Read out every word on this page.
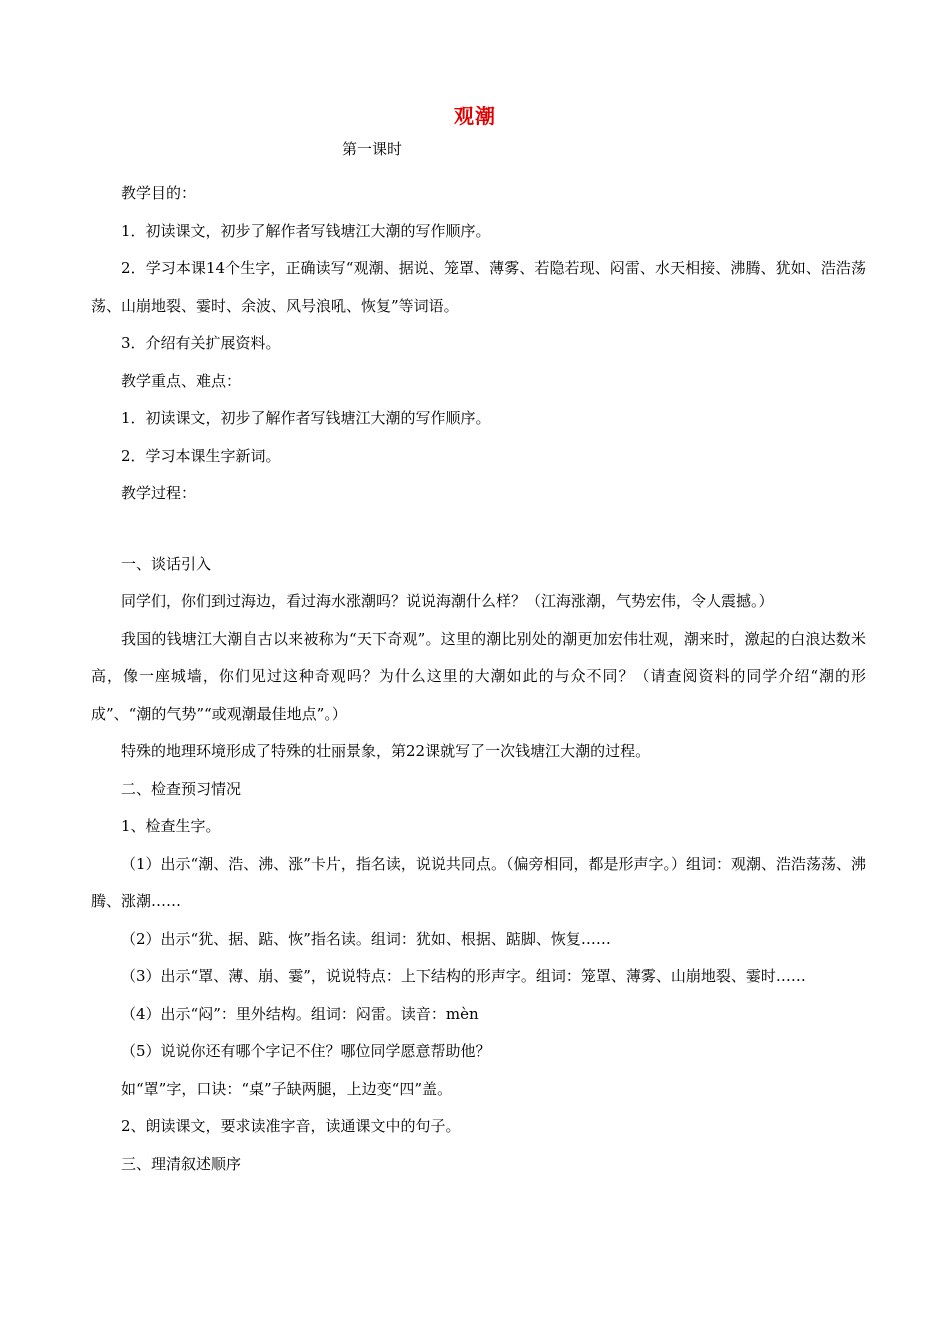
观潮
第一课时

教学目的：

1．初读课文，初步了解作者写钱塘江大潮的写作顺序。

2．学习本课14个生字，正确读写“观潮、据说、笼罩、薄雾、若隐若现、闷雷、水天相接、沸腾、犹如、浩浩荡荡、山崩地裂、霎时、余波、风号浪吼、恢复”等词语。

3．介绍有关扩展资料。

教学重点、难点：

1．初读课文，初步了解作者写钱塘江大潮的写作顺序。

2．学习本课生字新词。

教学过程：

一、谈话引入

同学们，你们到过海边，看过海水涨潮吗？说说海潮什么样？（江海涨潮，气势宏伟，令人震撼。）

我国的钱塘江大潮自古以来被称为“天下奇观”。这里的潮比别处的潮更加宏伟壮观，潮来时，激起的白浪达数米高，像一座城墙，你们见过这种奇观吗？为什么这里的大潮如此的与众不同？（请查阅资料的同学介绍“潮的形成”、“潮的气势”“或观潮最佳地点”。）

特殊的地理环境形成了特殊的壮丽景象，第22课就写了一次钱塘江大潮的过程。

二、检查预习情况

1、检查生字。

（1）出示“潮、浩、沸、涨”卡片，指名读，说说共同点。（偏旁相同，都是形声字。）组词：观潮、浩浩荡荡、沸腾、涨潮……

（2）出示“犹、据、踮、恢”指名读。组词：犹如、根据、踮脚、恢复……

（3）出示“罩、薄、崩、霎”，说说特点：上下结构的形声字。组词：笼罩、薄雾、山崩地裂、霎时……

（4）出示“闷”：里外结构。组词：闷雷。读音：mèn

（5）说说你还有哪个字记不住？哪位同学愿意帮助他？

如“罩”字，口诀：“桌”子缺两腿，上边变“四”盖。

2、朗读课文，要求读准字音，读通课文中的句子。

三、理清叙述顺序
